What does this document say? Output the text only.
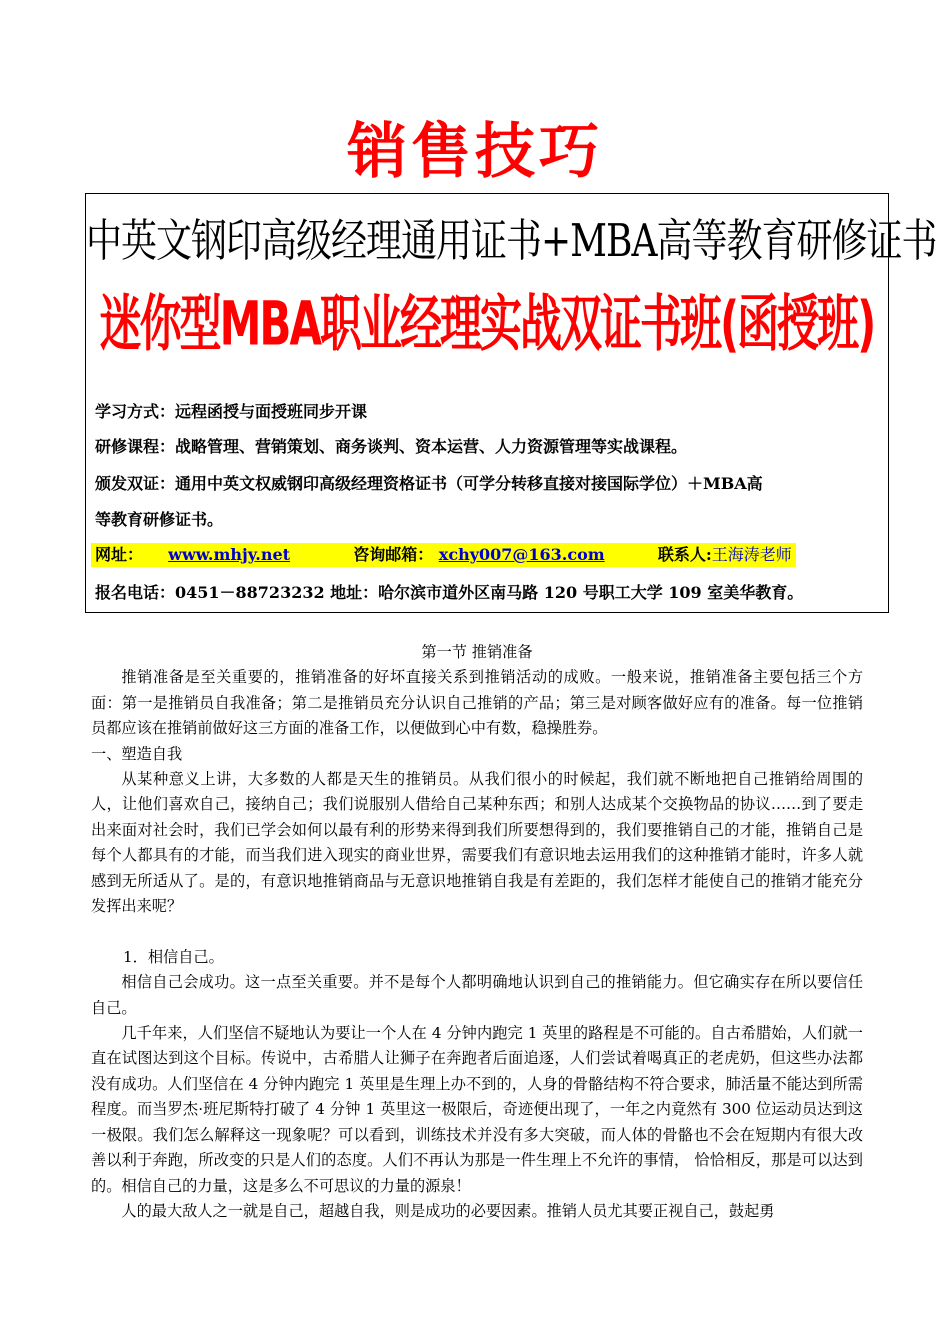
销售技巧
中英文钢印高级经理通用证书+MBA高等教育研修证书
迷你型MBA职业经理实战双证书班(函授班)
学习方式：远程函授与面授班同步开课
研修课程：战略管理、营销策划、商务谈判、资本运营、人力资源管理等实战课程。
颁发双证：通用中英文权威钢印高级经理资格证书（可学分转移直接对接国际学位）＋MBA高
等教育研修证书。
网址： www.mhjy.net	咨询邮箱： xchy007@163.com	联系人:王海涛老师
报名电话：0451－88723232 地址：哈尔滨市道外区南马路 120 号职工大学 109 室美华教育。

第一节 推销准备

推销准备是至关重要的，推销准备的好坏直接关系到推销活动的成败。一般来说，推销准备主要包括三个方面：第一是推销员自我准备；第二是推销员充分认识自己推销的产品；第三是对顾客做好应有的准备。每一位推销员都应该在推销前做好这三方面的准备工作，以便做到心中有数，稳操胜券。

一、塑造自我

从某种意义上讲，大多数的人都是天生的推销员。从我们很小的时候起，我们就不断地把自己推销给周围的人，让他们喜欢自己，接纳自己；我们说服别人借给自己某种东西；和别人达成某个交换物品的协议……到了要走出来面对社会时，我们已学会如何以最有利的形势来得到我们所要想得到的，我们要推销自己的才能，推销自己是每个人都具有的才能，而当我们进入现实的商业世界，需要我们有意识地去运用我们的这种推销才能时，许多人就感到无所适从了。是的，有意识地推销商品与无意识地推销自我是有差距的，我们怎样才能使自己的推销才能充分发挥出来呢？

1．相信自己。

相信自己会成功。这一点至关重要。并不是每个人都明确地认识到自己的推销能力。但它确实存在所以要信任自己。

几千年来，人们坚信不疑地认为要让一个人在 4 分钟内跑完 1 英里的路程是不可能的。自古希腊始，人们就一直在试图达到这个目标。传说中，古希腊人让狮子在奔跑者后面追逐，人们尝试着喝真正的老虎奶，但这些办法都没有成功。人们坚信在 4 分钟内跑完 1 英里是生理上办不到的，人身的骨骼结构不符合要求，肺活量不能达到所需程度。而当罗杰·班尼斯特打破了 4 分钟 1 英里这一极限后，奇迹便出现了，一年之内竟然有 300 位运动员达到这一极限。我们怎么解释这一现象呢？可以看到，训练技术并没有多大突破，而人体的骨骼也不会在短期内有很大改善以利于奔跑，所改变的只是人们的态度。人们不再认为那是一件生理上不允许的事情， 恰恰相反，那是可以达到的。相信自己的力量，这是多么不可思议的力量的源泉！

人的最大敌人之一就是自己，超越自我，则是成功的必要因素。推销人员尤其要正视自己，鼓起勇
